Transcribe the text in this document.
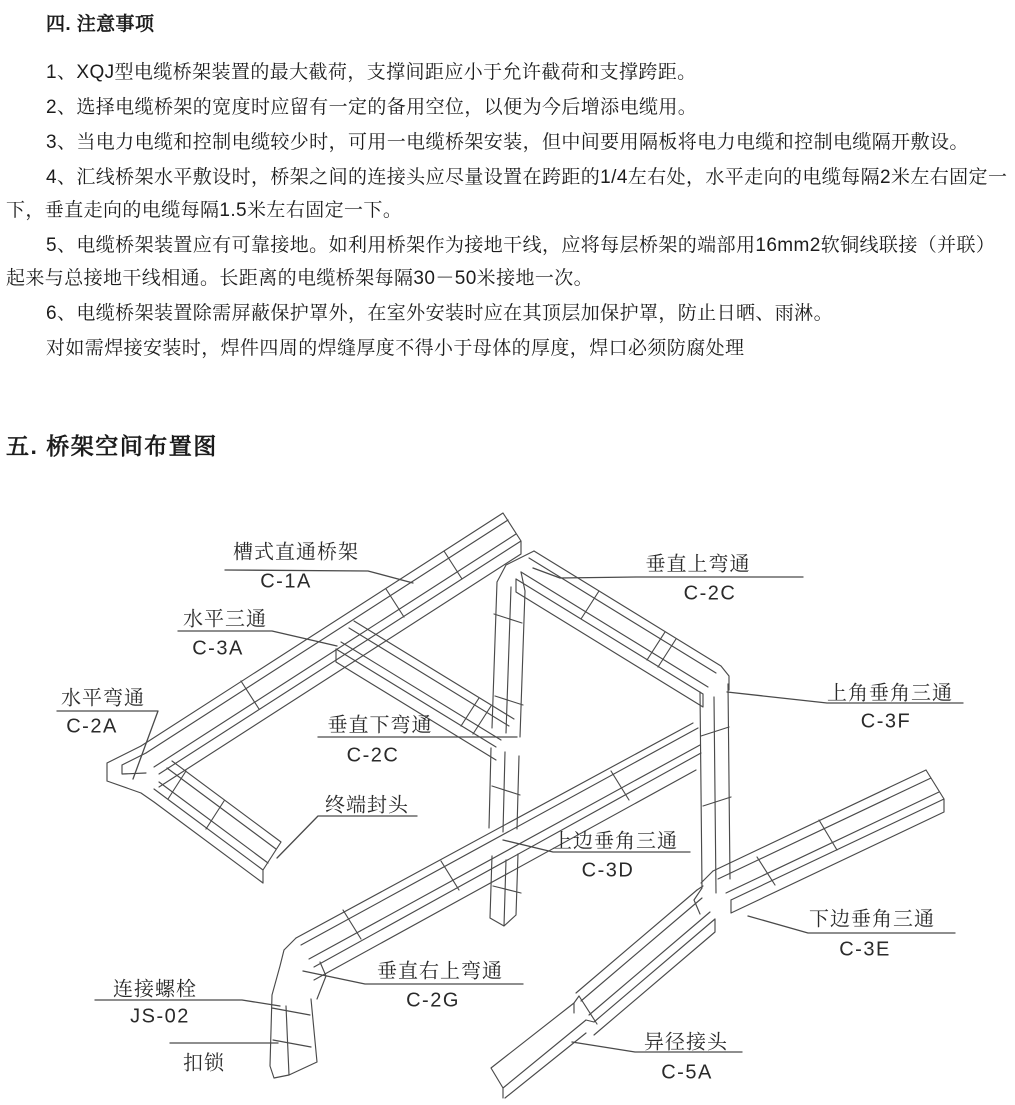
四. 注意事项

1、XQJ型电缆桥架装置的最大截荷，支撑间距应小于允许截荷和支撑跨距。

2、选择电缆桥架的宽度时应留有一定的备用空位，以便为今后增添电缆用。

3、当电力电缆和控制电缆较少时，可用一电缆桥架安装，但中间要用隔板将电力电缆和控制电缆隔开敷设。

4、汇线桥架水平敷设时，桥架之间的连接头应尽量设置在跨距的1/4左右处，水平走向的电缆每隔2米左右固定一下，垂直走向的电缆每隔1.5米左右固定一下。

5、电缆桥架装置应有可靠接地。如利用桥架作为接地干线，应将每层桥架的端部用16mm2软铜线联接（并联）起来与总接地干线相通。长距离的电缆桥架每隔30－50米接地一次。

6、电缆桥架装置除需屏蔽保护罩外，在室外安装时应在其顶层加保护罩，防止日晒、雨淋。

对如需焊接安装时，焊件四周的焊缝厚度不得小于母体的厚度，焊口必须防腐处理

五. 桥架空间布置图
槽式直通桥架
C-1A
水平三通
C-3A
垂直上弯通
C-2C
上角垂角三通
C-3F
水平弯通
C-2A	垂直下弯通
C-2C
终端封头
上边垂角三通
C-3D
下边垂角三通
C-3E
垂直右上弯通
C-2G
连接螺栓
JS-02
扣锁
异径接头
C-5A
